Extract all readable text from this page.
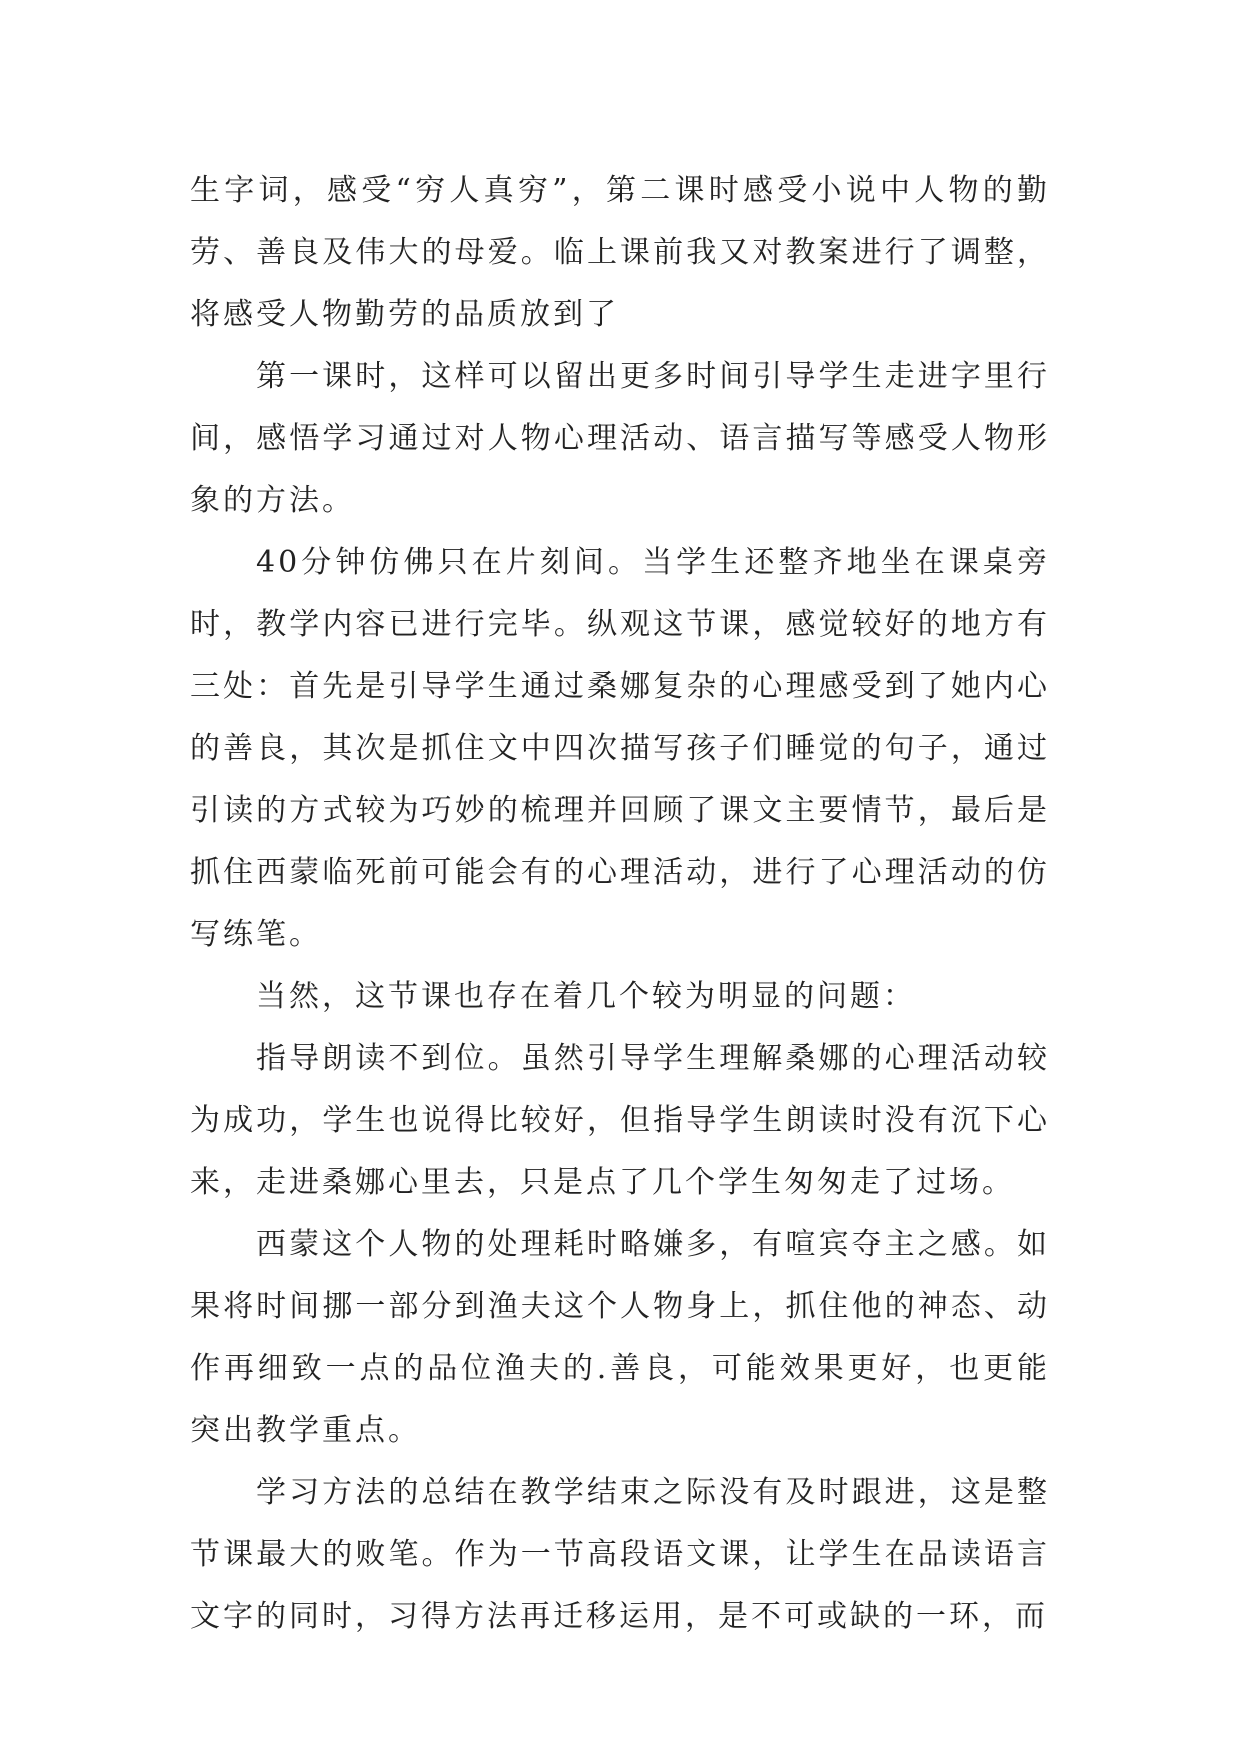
生字词，感受“穷人真穷”，第二课时感受小说中人物的勤劳、善良及伟大的母爱。临上课前我又对教案进行了调整，将感受人物勤劳的品质放到了

第一课时，这样可以留出更多时间引导学生走进字里行间，感悟学习通过对人物心理活动、语言描写等感受人物形象的方法。

40分钟仿佛只在片刻间。当学生还整齐地坐在课桌旁时，教学内容已进行完毕。纵观这节课，感觉较好的地方有三处：首先是引导学生通过桑娜复杂的心理感受到了她内心的善良，其次是抓住文中四次描写孩子们睡觉的句子，通过引读的方式较为巧妙的梳理并回顾了课文主要情节，最后是抓住西蒙临死前可能会有的心理活动，进行了心理活动的仿写练笔。

当然，这节课也存在着几个较为明显的问题：

指导朗读不到位。虽然引导学生理解桑娜的心理活动较为成功，学生也说得比较好，但指导学生朗读时没有沉下心来，走进桑娜心里去，只是点了几个学生匆匆走了过场。

西蒙这个人物的处理耗时略嫌多，有喧宾夺主之感。如果将时间挪一部分到渔夫这个人物身上，抓住他的神态、动作再细致一点的品位渔夫的.善良，可能效果更好，也更能突出教学重点。

学习方法的总结在教学结束之际没有及时跟进，这是整节课最大的败笔。作为一节高段语文课，让学生在品读语言文字的同时，习得方法再迁移运用，是不可或缺的一环，而
